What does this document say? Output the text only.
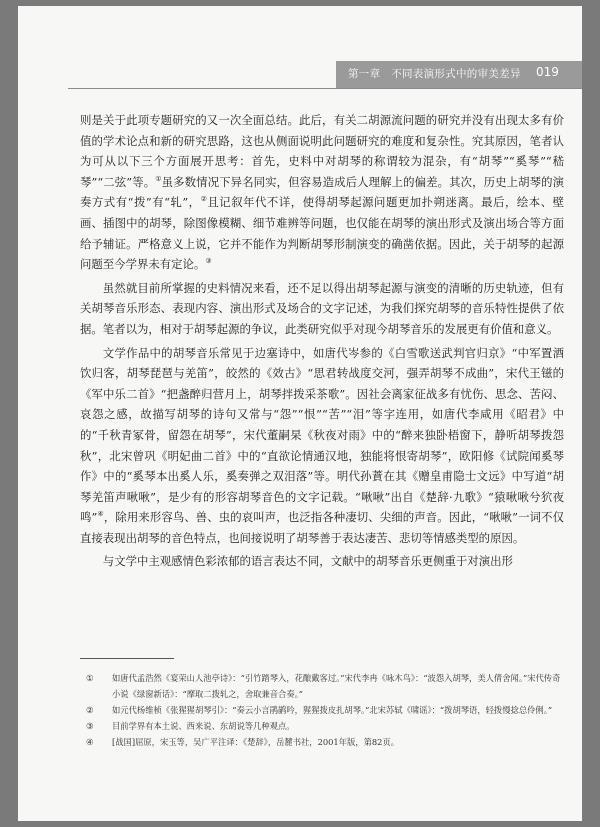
第一章　不同表演形式中的审美差异 019

则是关于此项专题研究的又一次全面总结。此后，有关二胡源流问题的研究并没有出现太多有价值的学术论点和新的研究思路，这也从侧面说明此问题研究的难度和复杂性。究其原因，笔者认为可从以下三个方面展开思考：首先，史料中对胡琴的称谓较为混杂，有“胡琴”“奚琴”“嵇琴”“二弦”等。①虽多数情况下异名同实，但容易造成后人理解上的偏差。其次，历史上胡琴的演奏方式有“拨”有“轧”，②且记叙年代不详，使得胡琴起源问题更加扑朔迷离。最后，绘本、壁画、插图中的胡琴，除图像模糊、细节难辨等问题，也仅能在胡琴的演出形式及演出场合等方面给予辅证。严格意义上说，它并不能作为判断胡琴形制演变的确凿依据。因此，关于胡琴的起源问题至今学界未有定论。③

虽然就目前所掌握的史料情况来看，还不足以得出胡琴起源与演变的清晰的历史轨迹，但有关胡琴音乐形态、表现内容、演出形式及场合的文字记述，为我们探究胡琴的音乐特性提供了依据。笔者以为，相对于胡琴起源的争议，此类研究似乎对现今胡琴音乐的发展更有价值和意义。

文学作品中的胡琴音乐常见于边塞诗中，如唐代岑参的《白雪歌送武判官归京》“中军置酒饮归客，胡琴琵琶与羌笛”，皎然的《效古》“思君转战度交河，强弄胡琴不成曲”，宋代王镃的《军中乐二首》“把盏醉归营月上，胡琴拌拨采茶歌”。因社会离家征战多有忧伤、思念、苦闷、哀怨之感，故描写胡琴的诗句又常与“怨”“恨”“苦”“泪”等字连用，如唐代李咸用《昭君》中的“千秋青冢骨，留怨在胡琴”，宋代董嗣杲《秋夜对雨》中的“醉来独卧梧窗下，静听胡琴拨怨秋”，北宋曾巩《明妃曲二首》中的“直欲论情通汉地，独能将恨寄胡琴”，欧阳修《试院闻奚琴作》中的“奚琴本出奚人乐，奚奏弹之双泪落”等。明代孙蕡在其《赠皇甫隐士文远》中写道“胡琴羌笛声啾啾”，是少有的形容胡琴音色的文字记载。“啾啾”出自《楚辞·九歌》“猿啾啾兮狖夜鸣”④，除用来形容鸟、兽、虫的哀叫声，也泛指各种凄切、尖细的声音。因此，“啾啾”一词不仅直接表现出胡琴的音色特点，也间接说明了胡琴善于表达凄苦、悲切等情感类型的原因。

与文学中主观感情色彩浓郁的语言表达不同，文献中的胡琴音乐更侧重于对演出形

①	如唐代孟浩然《宴荣山人池亭诗》：“引竹踏琴入，花酿戴客过。”宋代李冉《咏木鸟》：“波怨入胡琴，美人倩舍闻。”宋代传奇小说《绿窗新话》：“摩取二拨轧之，舍取兼音合奏。”
②	如元代杨维桢《张猩猩胡琴引》：“奏云小言鹃鹋吟，猩猩拨皮扎胡琴。”北宋苏轼《啸谣》：“拨胡琴语，轻拨慢捻总伶俐。”
③	目前学界有本土说、西来说、东胡说等几种观点。
④	[战国]屈原，宋玉等，吴广平注译：《楚辞》，岳麓书社，2001年版，第82页。
